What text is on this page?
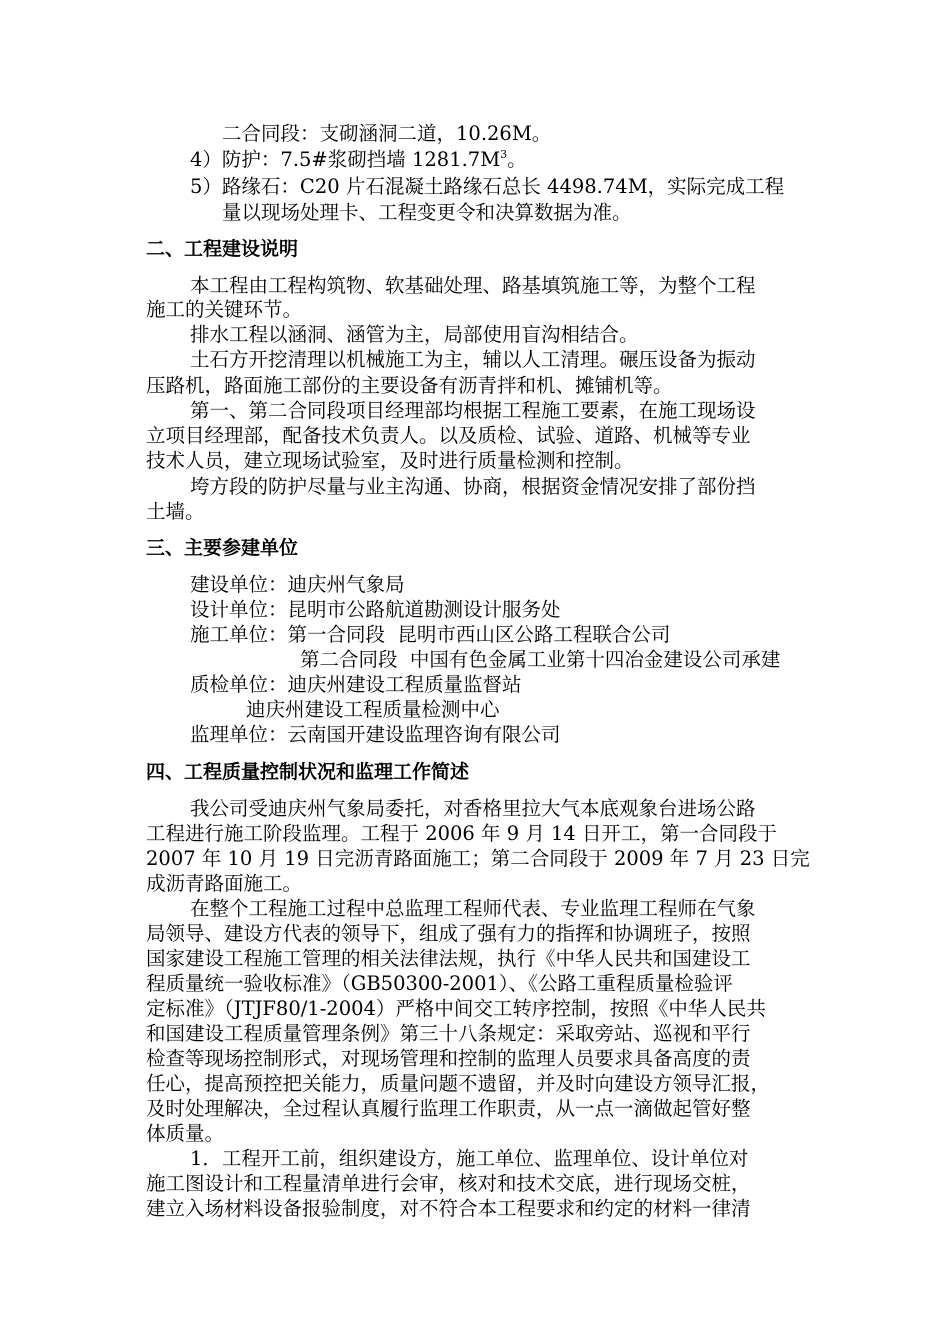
二合同段：支砌涵洞二道，10.26M。
4）防护：7.5#浆砌挡墙 $1281.7M^3$。
5）路缘石：C20 片石混凝土路缘石总长 4498.74M，实际完成工程
量以现场处理卡、工程变更令和决算数据为准。
二、工程建设说明
本工程由工程构筑物、软基础处理、路基填筑施工等，为整个工程
施工的关键环节。
排水工程以涵洞、涵管为主，局部使用盲沟相结合。
土石方开挖清理以机械施工为主，辅以人工清理。碾压设备为振动
压路机，路面施工部份的主要设备有沥青拌和机、摊铺机等。
第一、第二合同段项目经理部均根据工程施工要素，在施工现场设
立项目经理部，配备技术负责人。以及质检、试验、道路、机械等专业
技术人员，建立现场试验室，及时进行质量检测和控制。
垮方段的防护尽量与业主沟通、协商，根据资金情况安排了部份挡
土墙。
三、主要参建单位
建设单位：迪庆州气象局
设计单位：昆明市公路航道勘测设计服务处
施工单位：第一合同段  昆明市西山区公路工程联合公司
第二合同段  中国有色金属工业第十四冶金建设公司承建
质检单位：迪庆州建设工程质量监督站
迪庆州建设工程质量检测中心
监理单位：云南国开建设监理咨询有限公司
四、工程质量控制状况和监理工作简述
我公司受迪庆州气象局委托，对香格里拉大气本底观象台进场公路
工程进行施工阶段监理。工程于 2006 年 9 月 14 日开工，第一合同段于
2007 年 10 月 19 日完沥青路面施工；第二合同段于 2009 年 7 月 23 日完
成沥青路面施工。
在整个工程施工过程中总监理工程师代表、专业监理工程师在气象
局领导、建设方代表的领导下，组成了强有力的指挥和协调班子，按照
国家建设工程施工管理的相关法律法规，执行《中华人民共和国建设工
程质量统一验收标准》（GB50300-2001）、《公路工重程质量检验评
定标准》（JTJF80/1-2004）严格中间交工转序控制，按照《中华人民共
和国建设工程质量管理条例》第三十八条规定：采取旁站、巡视和平行
检查等现场控制形式，对现场管理和控制的监理人员要求具备高度的责
任心，提高预控把关能力，质量问题不遗留，并及时向建设方领导汇报，
及时处理解决，全过程认真履行监理工作职责，从一点一滴做起管好整
体质量。
1．工程开工前，组织建设方，施工单位、监理单位、设计单位对
施工图设计和工程量清单进行会审，核对和技术交底，进行现场交桩，
建立入场材料设备报验制度，对不符合本工程要求和约定的材料一律清
